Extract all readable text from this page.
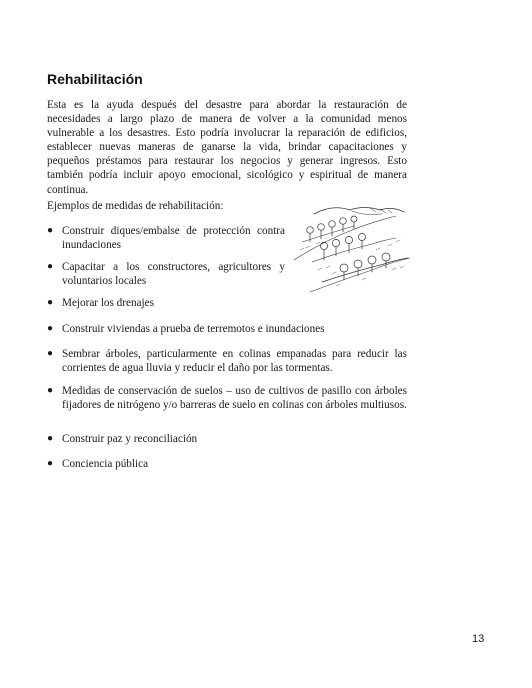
Rehabilitación

Esta es la ayuda después del desastre para abordar la restauración de necesidades a largo plazo de manera de volver a la comunidad menos vulnerable a los desastres. Esto podría involucrar la reparación de edificios, establecer nuevas maneras de ganarse la vida, brindar capacitaciones y pequeños préstamos para restaurar los negocios y generar ingresos. Esto también podría incluir apoyo emocional, sicológico y espiritual de manera continua.

Ejemplos de medidas de rehabilitación:

● Construir diques/embalse de protección contra inundaciones
● Capacitar a los constructores, agricultores y voluntarios locales
● Mejorar los drenajes
● Construir viviendas a prueba de terremotos e inundaciones
● Sembrar árboles, particularmente en colinas empanadas para reducir las corrientes de agua lluvia y reducir el daño por las tormentas.
● Medidas de conservación de suelos – uso de cultivos de pasillo con árboles fijadores de nitrógeno y/o barreras de suelo en colinas con árboles multiusos.
● Construir paz y reconciliación
● Conciencia pública

13
